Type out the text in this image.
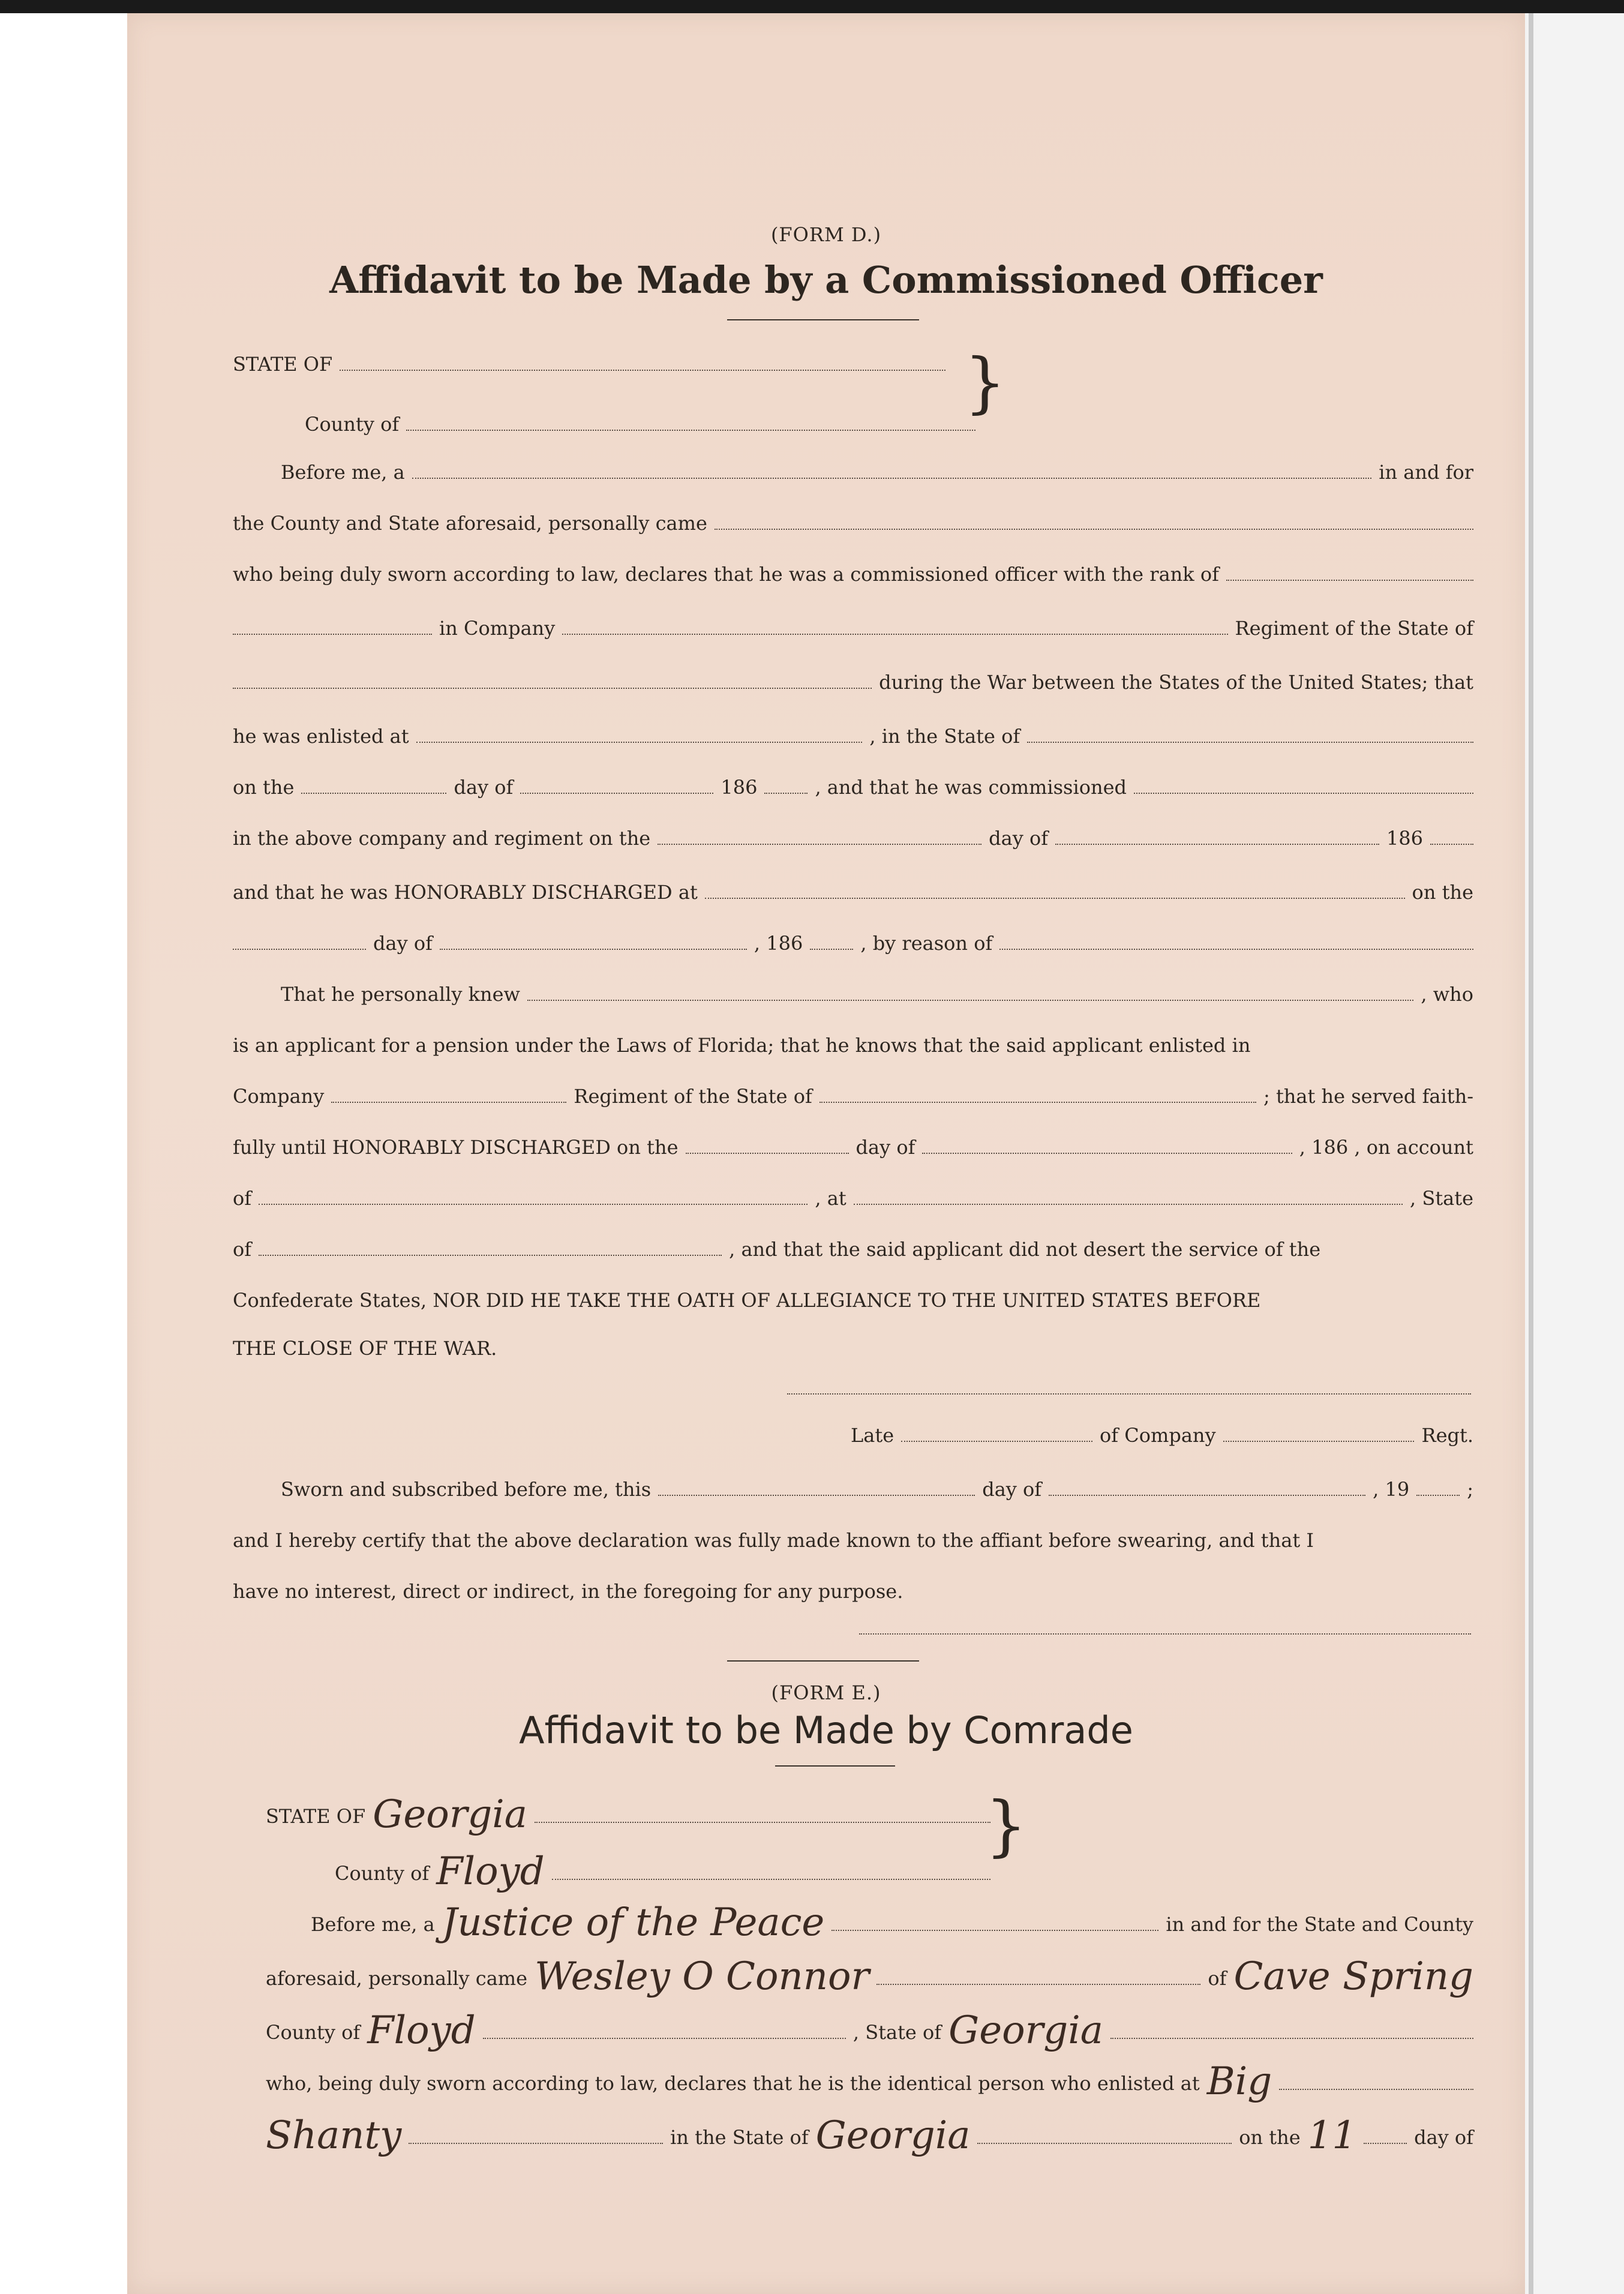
(FORM D.)
Affidavit to be Made by a Commissioned Officer
STATE OF
County of
}
Before me, a	in and for
the County and State aforesaid, personally came
who being duly sworn according to law, declares that he was a commissioned officer with the rank of
in Company	Regiment of the State of
during the War between the States of the United States; that
he was enlisted at	, in the State of
on the	day of	186	, and that he was commissioned
in the above company and regiment on the	day of	186
and that he was HONORABLY DISCHARGED at	on the
day of	, 186	, by reason of
That he personally knew	, who
is an applicant for a pension under the Laws of Florida; that he knows that the said applicant enlisted in
Company	Regiment of the State of	; that he served faith-
fully until HONORABLY DISCHARGED on the	day of	, 186 , on account
of	, at	, State
of	, and that the said applicant did not desert the service of the
Confederate States, NOR DID HE TAKE THE OATH OF ALLEGIANCE TO THE UNITED STATES BEFORE
THE CLOSE OF THE WAR.
Late	of Company	Regt.
Sworn and subscribed before me, this	day of	, 19	;
and I hereby certify that the above declaration was fully made known to the affiant before swearing, and that I
have no interest, direct or indirect, in the foregoing for any purpose.
(FORM E.)
Affidavit to be Made by Comrade
STATE OF Georgia
County of Floyd
}
Before me, a Justice of the Peace	in and for the State and County
aforesaid, personally came Wesley O Connor	of Cave Spring
County of Floyd	, State of Georgia
who, being duly sworn according to law, declares that he is the identical person who enlisted at Big
Shanty	in the State of Georgia	on the 11	day of
